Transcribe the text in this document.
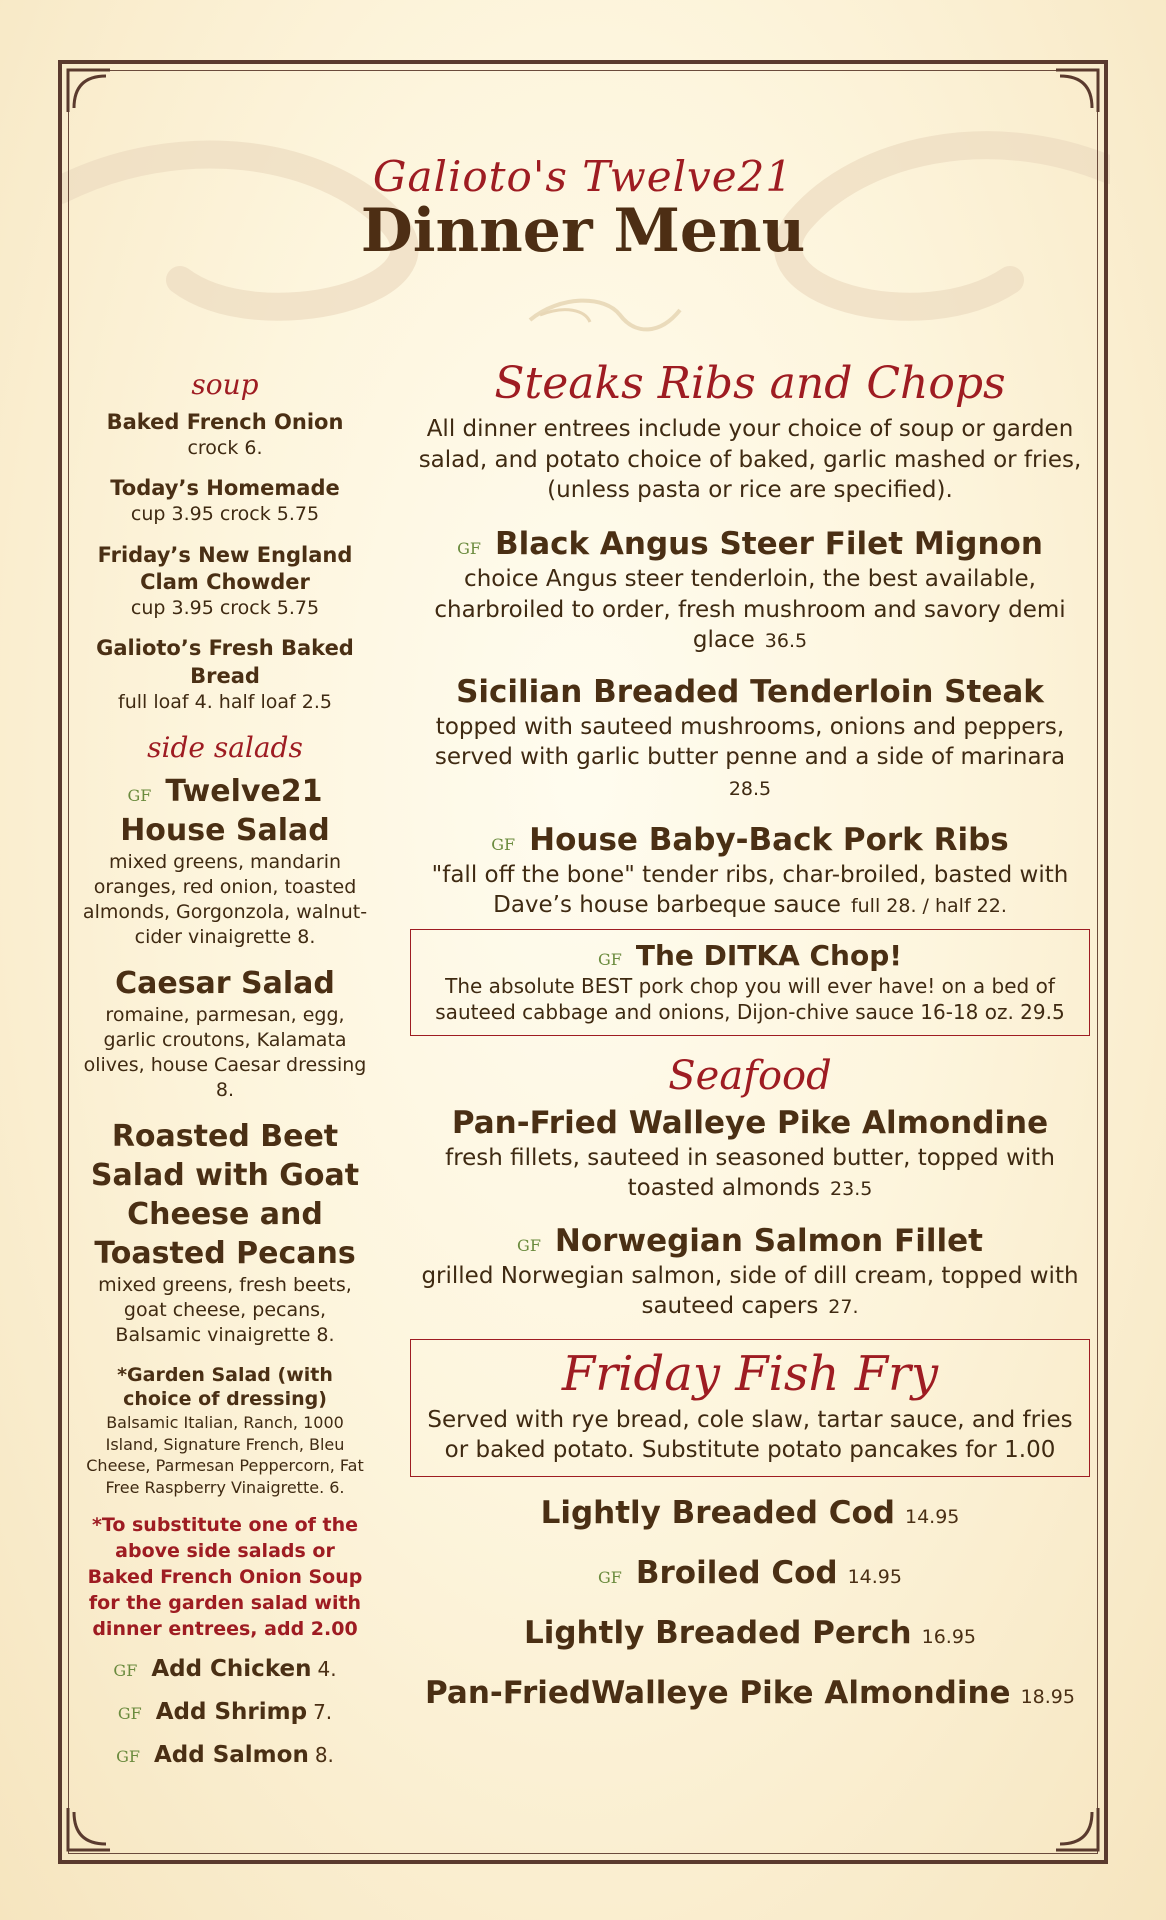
Galioto's Twelve21
Dinner Menu
soup
Baked French Onion
crock 6.
Today’s Homemade
cup 3.95 crock 5.75
Friday’s New England Clam Chowder
cup 3.95 crock 5.75
Galioto’s Fresh Baked Bread
full loaf 4. half loaf 2.5
side salads
GF Twelve21 House Salad
mixed greens, mandarin oranges, red onion, toasted almonds, Gorgonzola, walnut-cider vinaigrette 8.
Caesar Salad
romaine, parmesan, egg, garlic croutons, Kalamata olives, house Caesar dressing 8.
Roasted Beet Salad with Goat Cheese and Toasted Pecans
mixed greens, fresh beets, goat cheese, pecans, Balsamic vinaigrette 8.
*Garden Salad (with choice of dressing)
Balsamic Italian, Ranch, 1000 Island, Signature French, Bleu Cheese, Parmesan Peppercorn, Fat Free Raspberry Vinaigrette. 6.
*To substitute one of the above side salads or Baked French Onion Soup for the garden salad with dinner entrees, add 2.00
GF Add Chicken 4.
GF Add Shrimp 7.
GF Add Salmon 8.
Steaks Ribs and Chops
All dinner entrees include your choice of soup or garden salad, and potato choice of baked, garlic mashed or fries, (unless pasta or rice are specified).
GF Black Angus Steer Filet Mignon
choice Angus steer tenderloin, the best available, charbroiled to order, fresh mushroom and savory demi glace 36.5
Sicilian Breaded Tenderloin Steak
topped with sauteed mushrooms, onions and peppers, served with garlic butter penne and a side of marinara
28.5
GF House Baby-Back Pork Ribs
"fall off the bone" tender ribs, char-broiled, basted with Dave’s house barbeque sauce full 28. / half 22.
GF The DITKA Chop!
The absolute BEST pork chop you will ever have! on a bed of sauteed cabbage and onions, Dijon-chive sauce 16-18 oz. 29.5
Seafood
Pan-Fried Walleye Pike Almondine
fresh fillets, sauteed in seasoned butter, topped with toasted almonds 23.5
GF Norwegian Salmon Fillet
grilled Norwegian salmon, side of dill cream, topped with sauteed capers 27.
Friday Fish Fry
Served with rye bread, cole slaw, tartar sauce, and fries or baked potato. Substitute potato pancakes for 1.00
Lightly Breaded Cod 14.95
GF Broiled Cod 14.95
Lightly Breaded Perch 16.95
Pan-FriedWalleye Pike Almondine 18.95
